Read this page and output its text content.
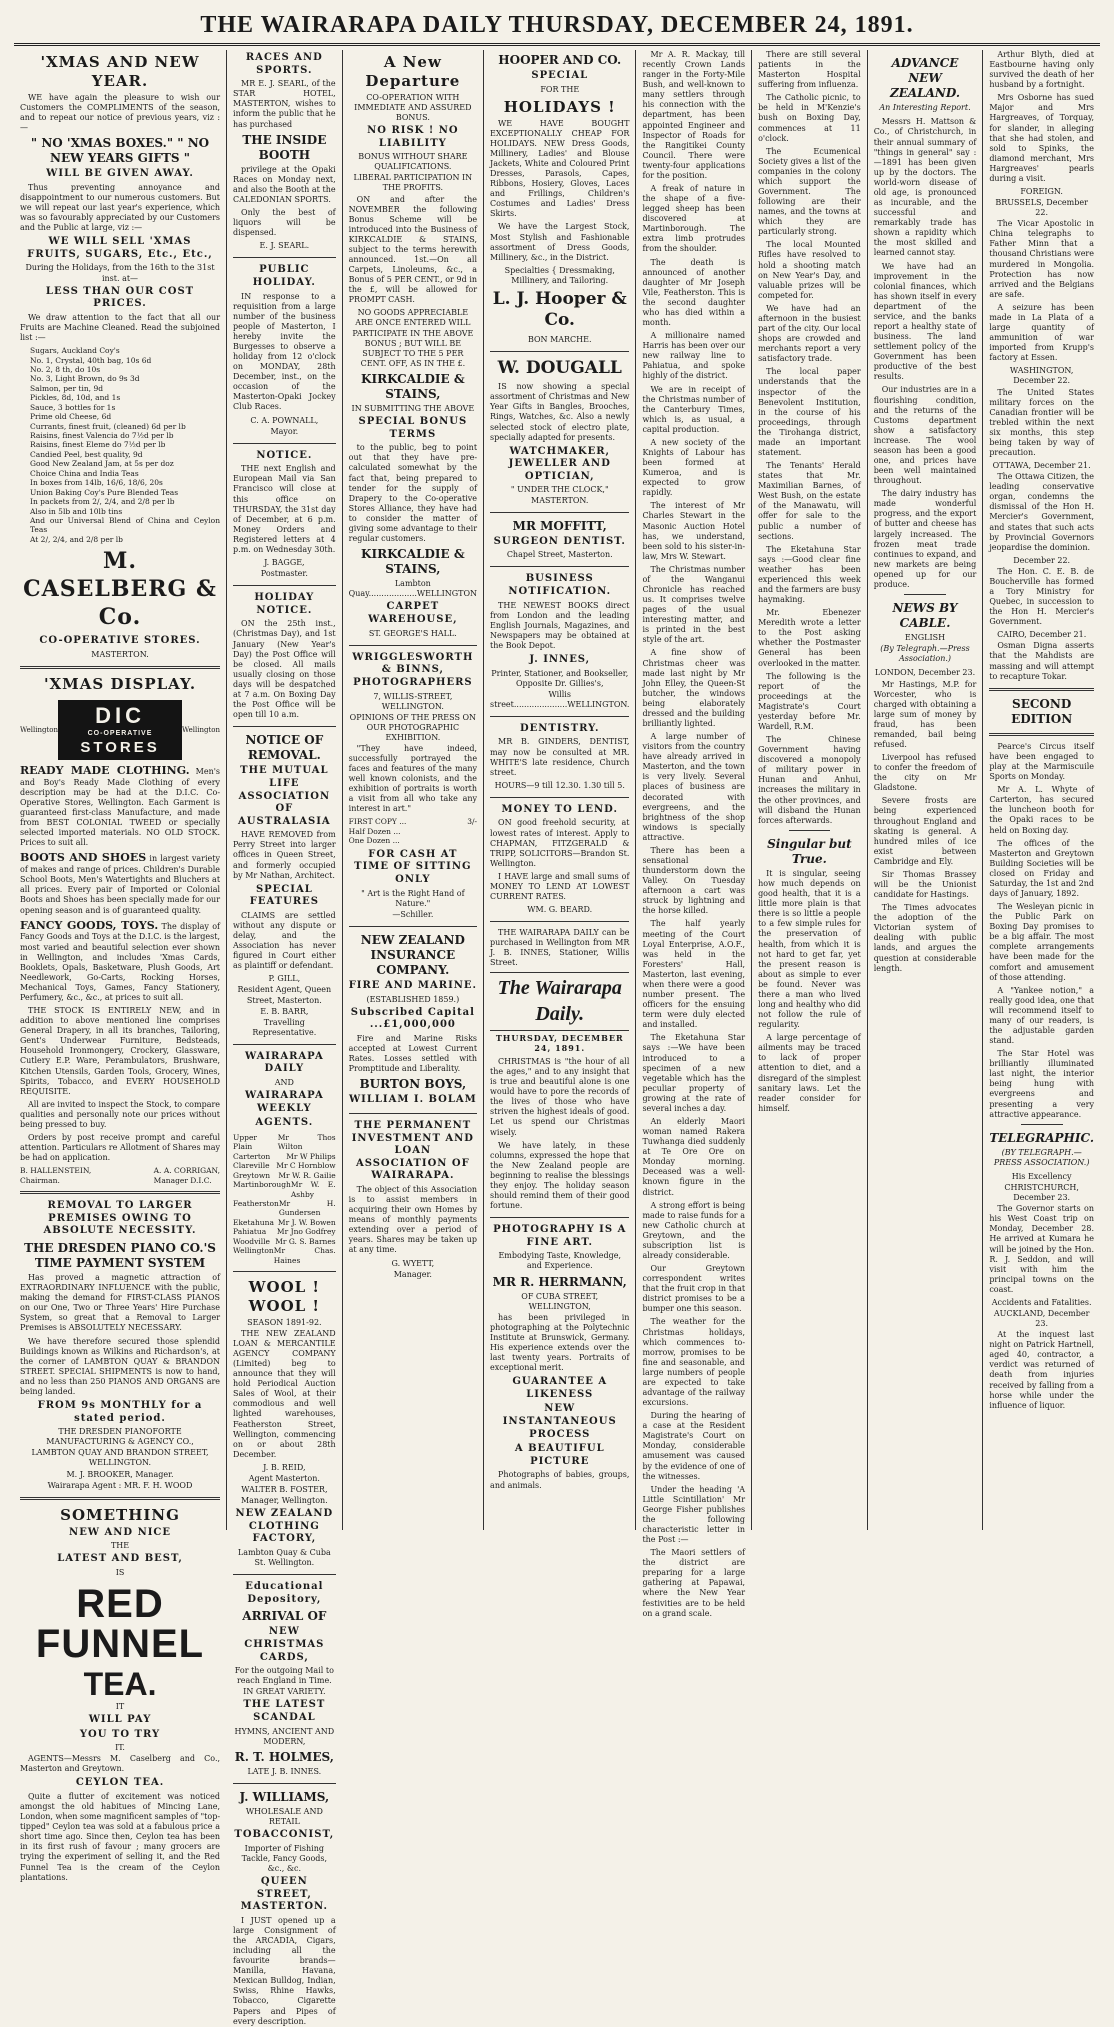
THE WAIRARAPA DAILY THURSDAY, DECEMBER 24, 1891.
'XMAS AND NEW YEAR.

WE have again the pleasure to wish our Customers the COMPLIMENTS of the season, and to repeat our notice of previous years, viz :—

" NO 'XMAS BOXES." " NO NEW YEARS GIFTS "
WILL BE GIVEN AWAY.

Thus preventing annoyance and disappointment to our numerous customers. But we will repeat our last year's experience, which was so favourably appreciated by our Customers and the Public at large, viz :—

WE WILL SELL 'XMAS FRUITS, SUGARS, Etc., Etc.,
During the Holidays, from the 16th to the 31st inst. at—
LESS THAN OUR COST PRICES.

We draw attention to the fact that all our Fruits are Machine Cleaned. Read the subjoined list :—

Sugars, Auckland Coy's
No. 1, Crystal, 40th bag, 10s 6d
No. 2, 8 th, do 10s
No. 3, Light Brown, do 9s 3d
Salmon, per tin, 9d
Pickles, 8d, 10d, and 1s
Sauce, 3 bottles for 1s
Prime old Cheese, 6d
Currants, finest fruit, (cleaned) 6d per lb
Raisins, finest Valencia do 7½d per lb
Raisins, finest Eleme do 7½d per lb
Candied Peel, best quality, 9d
Good New Zealand Jam, at 5s per doz
Choice China and India Teas
In boxes from 14lb, 16/6, 18/6, 20s
Union Baking Coy's Pure Blended Teas
In packets from 2/, 2/4, and 2/8 per lb
Also in 5lb and 10lb tins
And our Universal Blend of China and Ceylon Teas
At 2/, 2/4, and 2/8 per lb
M. CASELBERG & Co.
CO-OPERATIVE STORES.
MASTERTON.
'XMAS DISPLAY.
Wellington
DIC
CO-OPERATIVE
STORES
Wellington

READY MADE CLOTHING. Men's and Boy's Ready Made Clothing of every description may be had at the D.I.C. Co-Operative Stores, Wellington. Each Garment is guaranteed first-class Manufacture, and made from BEST COLONIAL TWEED or specially selected imported materials. NO OLD STOCK. Prices to suit all.

BOOTS AND SHOES in largest variety of makes and range of prices. Children's Durable School Boots, Men's Watertights and Bluchers at all prices. Every pair of Imported or Colonial Boots and Shoes has been specially made for our opening season and is of guaranteed quality.

FANCY GOODS, TOYS. The display of Fancy Goods and Toys at the D.I.C. is the largest, most varied and beautiful selection ever shown in Wellington, and includes 'Xmas Cards, Booklets, Opals, Basketware, Plush Goods, Art Needlework, Go-Carts, Rocking Horses, Mechanical Toys, Games, Fancy Stationery, Perfumery, &c., &c., at prices to suit all.

THE STOCK IS ENTIRELY NEW, and in addition to above mentioned line comprises General Drapery, in all its branches, Tailoring, Gent's Underwear Furniture, Bedsteads, Household Ironmongery, Crockery, Glassware, Cutlery E.P. Ware, Perambulators, Brushware, Kitchen Utensils, Garden Tools, Grocery, Wines, Spirits, Tobacco, and EVERY HOUSEHOLD REQUISITE.

All are invited to inspect the Stock, to compare qualities and personally note our prices without being pressed to buy.

Orders by post receive prompt and careful attention. Particulars re Allotment of Shares may be had on application.

B. HALLENSTEIN,
Chairman.
A. A. CORRIGAN,
Manager D.I.C.
REMOVAL TO LARGER PREMISES OWING TO ABSOLUTE NECESSITY.
THE DRESDEN PIANO CO.'S TIME PAYMENT SYSTEM

Has proved a magnetic attraction of EXTRAORDINARY INFLUENCE with the public, making the demand for FIRST-CLASS PIANOS on our One, Two or Three Years' Hire Purchase System, so great that a Removal to Larger Premises is ABSOLUTELY NECESSARY.

We have therefore secured those splendid Buildings known as Wilkins and Richardson's, at the corner of LAMBTON QUAY & BRANDON STREET. SPECIAL SHIPMENTS is now to hand, and no less than 250 PIANOS AND ORGANS are being landed.

FROM 9s MONTHLY for a stated period.
THE DRESDEN PIANOFORTE MANUFACTURING & AGENCY CO.,
LAMBTON QUAY AND BRANDON STREET, WELLINGTON.
M. J. BROOKER, Manager.
Wairarapa Agent : MR. F. H. WOOD
SOMETHING
NEW AND NICE
THE
LATEST AND BEST,
IS
RED FUNNEL
TEA.
IT
WILL PAY
YOU TO TRY
IT.

AGENTS—Messrs M. Caselberg and Co., Masterton and Greytown.

CEYLON TEA.

Quite a flutter of excitement was noticed amongst the old habitues of Mincing Lane, London, when some magnificent samples of "top-tipped" Ceylon tea was sold at a fabulous price a short time ago. Since then, Ceylon tea has been in its first rush of favour ; many grocers are trying the experiment of selling it, and the Red Funnel Tea is the cream of the Ceylon plantations.

RACES AND SPORTS.

MR E. J. SEARL, of the STAR HOTEL, MASTERTON, wishes to inform the public that he has purchased

THE INSIDE BOOTH

privilege at the Opaki Races on Monday next, and also the Booth at the CALEDONIAN SPORTS.

Only the best of liquors will be dispensed.

E. J. SEARL.
PUBLIC HOLIDAY.

IN response to a requisition from a large number of the business people of Masterton, I hereby invite the Burgesses to observe a holiday from 12 o'clock on MONDAY, 28th December, inst., on the occasion of the Masterton-Opaki Jockey Club Races.

C. A. POWNALL,
Mayor.
NOTICE.

THE next English and European Mail via San Francisco will close at this office on THURSDAY, the 31st day of December, at 6 p.m. Money Orders and Registered letters at 4 p.m. on Wednesday 30th.

J. BAGGE,
Postmaster.
HOLIDAY NOTICE.

ON the 25th inst., (Christmas Day), and 1st January (New Year's Day) the Post Office will be closed. All mails usually closing on those days will be despatched at 7 a.m. On Boxing Day the Post Office will be open till 10 a.m.

NOTICE OF REMOVAL.
THE MUTUAL LIFE ASSOCIATION OF AUSTRALASIA

HAVE REMOVED from Perry Street into larger offices in Queen Street, and formerly occupied by Mr Nathan, Architect.

SPECIAL FEATURES

CLAIMS are settled without any dispute or delay, and the Association has never figured in Court either as plaintiff or defendant.

P. GILL,
Resident Agent, Queen Street, Masterton.
E. B. BARR,
Travelling Representative.
WAIRARAPA DAILY
AND
WAIRARAPA WEEKLY
AGENTS.
Upper Plain
Mr Thos Wilton
Carterton Mr W Philips
Clareville Mr C Hornblow
Greytown Mr W. R. Gailie
Martinborough Mr W. E. Ashby
Featherston Mr H. Gundersen
Eketahuna Mr J. W. Bowen
Pahiatua Mr Jno Godfrey
Woodville Mr G. S. Barnes
Wellington Mr Chas. Haines
WOOL ! WOOL !
SEASON 1891-92.

THE NEW ZEALAND LOAN & MERCANTILE AGENCY COMPANY (Limited) beg to announce that they will hold Periodical Auction Sales of Wool, at their commodious and well lighted warehouses, Featherston Street, Wellington, commencing on or about 28th December.

J. B. REID,
Agent Masterton.
WALTER B. FOSTER,
Manager, Wellington.
NEW ZEALAND CLOTHING FACTORY,
Lambton Quay & Cuba St. Wellington.
Educational Depository,
ARRIVAL OF
NEW CHRISTMAS CARDS,
For the outgoing Mail to reach England in Time.
IN GREAT VARIETY.
THE LATEST SCANDAL
HYMNS, ANCIENT AND MODERN,
R. T. HOLMES,
LATE J. B. INNES.
J. WILLIAMS,
WHOLESALE AND RETAIL
TOBACCONIST,
Importer of Fishing Tackle, Fancy Goods, &c., &c.
QUEEN STREET, MASTERTON.

I JUST opened up a large Consignment of the ARCADIA, Cigars, including all the favourite brands—Manilla, Havana, Mexican Bulldog, Indian, Swiss, Rhine Hawks, Tobacco, Cigarette Papers and Pipes of every description.

A New Departure
CO-OPERATION WITH IMMEDIATE AND ASSURED BONUS.
NO RISK ! NO LIABILITY
BONUS WITHOUT SHARE QUALIFICATIONS.
LIBERAL PARTICIPATION IN THE PROFITS.

ON and after the NOVEMBER the following Bonus Scheme will be introduced into the Business of KIRKCALDIE & STAINS, subject to the terms herewith announced. 1st.—On all Carpets, Linoleums, &c., a Bonus of 5 PER CENT., or 9d in the £, will be allowed for PROMPT CASH.

NO GOODS APPRECIABLE ARE ONCE ENTERED WILL PARTICIPATE IN THE ABOVE BONUS ; BUT WILL BE SUBJECT TO THE 5 PER CENT. OFF, AS IN THE £.
KIRKCALDIE & STAINS,
IN SUBMITTING THE ABOVE
SPECIAL BONUS TERMS

to the public, beg to point out that they have pre-calculated somewhat by the fact that, being prepared to tender for the supply of Drapery to the Co-operative Stores Alliance, they have had to consider the matter of giving some advantage to their regular customers.

KIRKCALDIE & STAINS,
Lambton Quay...................WELLINGTON
CARPET WAREHOUSE,
ST. GEORGE'S HALL.
WRIGGLESWORTH & BINNS, PHOTOGRAPHERS
7, WILLIS-STREET, WELLINGTON.
OPINIONS OF THE PRESS ON OUR PHOTOGRAPHIC EXHIBITION.

"They have indeed, successfully portrayed the faces and features of the many well known colonists, and the exhibition of portraits is worth a visit from all who take any interest in art."

FIRST COPY ...	3/-
Half Dozen ...
One Dozen ...
FOR CASH AT TIME OF SITTING ONLY
" Art is the Right Hand of Nature."
—Schiller.
NEW ZEALAND INSURANCE COMPANY.
FIRE AND MARINE.
(ESTABLISHED 1859.)
Subscribed Capital ...£1,000,000

Fire and Marine Risks accepted at Lowest Current Rates. Losses settled with Promptitude and Liberality.

BURTON BOYS,
WILLIAM I. BOLAM
THE PERMANENT INVESTMENT AND LOAN ASSOCIATION OF WAIRARAPA.

The object of this Association is to assist members in acquiring their own Homes by means of monthly payments extending over a period of years. Shares may be taken up at any time.

G. WYETT,
Manager.
HOOPER AND CO.
SPECIAL
FOR THE
HOLIDAYS !

WE HAVE BOUGHT EXCEPTIONALLY CHEAP FOR HOLIDAYS. NEW Dress Goods, Millinery, Ladies' and Blouse Jackets, White and Coloured Print Dresses, Parasols, Capes, Ribbons, Hosiery, Gloves, Laces and Frillings, Children's Costumes and Ladies' Dress Skirts.

We have the Largest Stock, Most Stylish and Fashionable assortment of Dress Goods, Millinery, &c., in the District.

Specialties { Dressmaking, Millinery, and Tailoring.
L. J. Hooper & Co.
BON MARCHE.
W. DOUGALL

IS now showing a special assortment of Christmas and New Year Gifts in Bangles, Brooches, Rings, Watches, &c. Also a newly selected stock of electro plate, specially adapted for presents.

WATCHMAKER, JEWELLER AND OPTICIAN,
" UNDER THE CLOCK," MASTERTON.
MR MOFFITT,
SURGEON DENTIST.
Chapel Street, Masterton.
BUSINESS NOTIFICATION.

THE NEWEST BOOKS direct from London and the leading English Journals, Magazines, and Newspapers may be obtained at the Book Depot.

J. INNES,
Printer, Stationer, and Bookseller, Opposite Dr. Gillies's,
Willis street.....................WELLINGTON.
DENTISTRY.

MR B. GINDERS, DENTIST, may now be consulted at MR. WHITE'S late residence, Church street.

HOURS—9 till 12.30. 1.30 till 5.
MONEY TO LEND.

ON good freehold security, at lowest rates of interest. Apply to CHAPMAN, FITZGERALD & TRIPP, SOLICITORS—Brandon St. Wellington.

I HAVE large and small sums of MONEY TO LEND AT LOWEST CURRENT RATES.

WM. G. BEARD.

THE WAIRARAPA DAILY can be purchased in Wellington from MR J. B. INNES, Stationer, Willis Street.

The Wairarapa Daily.
THURSDAY, DECEMBER 24, 1891.

CHRISTMAS is "the hour of all the ages," and to any insight that is true and beautiful alone is one would have to pore the records of the lives of those who have striven the highest ideals of good. Let us spend our Christmas wisely.

We have lately, in these columns, expressed the hope that the New Zealand people are beginning to realise the blessings they enjoy. The holiday season should remind them of their good fortune.

PHOTOGRAPHY IS A FINE ART.
Embodying Taste, Knowledge, and Experience.
MR R. HERRMANN,
OF CUBA STREET, WELLINGTON,

has been privileged in photographing at the Polytechnic Institute at Brunswick, Germany. His experience extends over the last twenty years. Portraits of exceptional merit.

GUARANTEE A LIKENESS
NEW INSTANTANEOUS PROCESS
A BEAUTIFUL PICTURE

Photographs of babies, groups, and animals.

Mr A. R. Mackay, till recently Crown Lands ranger in the Forty-Mile Bush, and well-known to many settlers through his connection with the department, has been appointed Engineer and Inspector of Roads for the Rangitikei County Council. There were twenty-four applications for the position.

A freak of nature in the shape of a five-legged sheep has been discovered at Martinborough. The extra limb protrudes from the shoulder.

The death is announced of another daughter of Mr Joseph Vile, Featherston. This is the second daughter who has died within a month.

A millionaire named Harris has been over our new railway line to Pahiatua, and spoke highly of the district.

We are in receipt of the Christmas number of the Canterbury Times, which is, as usual, a capital production.

A new society of the Knights of Labour has been formed at Kumeroa, and is expected to grow rapidly.

The interest of Mr Charles Stewart in the Masonic Auction Hotel has, we understand, been sold to his sister-in-law, Mrs W. Stewart.

The Christmas number of the Wanganui Chronicle has reached us. It comprises twelve pages of the usual interesting matter, and is printed in the best style of the art.

A fine show of Christmas cheer was made last night by Mr John Elley, the Queen-St butcher, the windows being elaborately dressed and the building brilliantly lighted.

A large number of visitors from the country have already arrived in Masterton, and the town is very lively. Several places of business are decorated with evergreens, and the brightness of the shop windows is specially attractive.

There has been a sensational thunderstorm down the Valley. On Tuesday afternoon a cart was struck by lightning and the horse killed.

The half yearly meeting of the Court Loyal Enterprise, A.O.F., was held in the Foresters' Hall, Masterton, last evening, when there were a good number present. The officers for the ensuing term were duly elected and installed.

The Eketahuna Star says :—We have been introduced to a specimen of a new vegetable which has the peculiar property of growing at the rate of several inches a day.

An elderly Maori woman named Rakera Tuwhanga died suddenly at Te Ore Ore on Monday morning. Deceased was a well-known figure in the district.

A strong effort is being made to raise funds for a new Catholic church at Greytown, and the subscription list is already considerable.

Our Greytown correspondent writes that the fruit crop in that district promises to be a bumper one this season.

The weather for the Christmas holidays, which commences to-morrow, promises to be fine and seasonable, and large numbers of people are expected to take advantage of the railway excursions.

During the hearing of a case at the Resident Magistrate's Court on Monday, considerable amusement was caused by the evidence of one of the witnesses.

Under the heading 'A Little Scintillation' Mr George Fisher publishes the following characteristic letter in the Post :—

The Maori settlers of the district are preparing for a large gathering at Papawai, where the New Year festivities are to be held on a grand scale.

There are still several patients in the Masterton Hospital suffering from influenza.

The Catholic picnic, to be held in M'Kenzie's bush on Boxing Day, commences at 11 o'clock.

The Ecumenical Society gives a list of the companies in the colony which support the Government. The following are their names, and the towns at which they are particularly strong.

The local Mounted Rifles have resolved to hold a shooting match on New Year's Day, and valuable prizes will be competed for.

We have had an afternoon in the busiest part of the city. Our local shops are crowded and merchants report a very satisfactory trade.

The local paper understands that the inspector of the Benevolent Institution, in the course of his proceedings, through the Tirohanga district, made an important statement.

The Tenants' Herald states that Mr. Maximilian Barnes, of West Bush, on the estate of the Manawatu, will offer for sale to the public a number of sections.

The Eketahuna Star says :—Good clear fine weather has been experienced this week and the farmers are busy haymaking.

Mr. Ebenezer Meredith wrote a letter to the Post asking whether the Postmaster General has been overlooked in the matter.

The following is the report of the proceedings at the Magistrate's Court yesterday before Mr. Wardell, R.M.

The Chinese Government having discovered a monopoly of military power in Hunan and Anhui, increases the military in the other provinces, and will disband the Hunan forces afterwards.

Singular but True.

It is singular, seeing how much depends on good health, that it is a little more plain is that there is so little a people to a few simple rules for the preservation of health, from which it is not hard to get far, yet the present reason is about as simple to ever be found. Never was there a man who lived long and healthy who did not follow the rule of regularity.

A large percentage of ailments may be traced to lack of proper attention to diet, and a disregard of the simplest sanitary laws. Let the reader consider for himself.

ADVANCE NEW ZEALAND.
An Interesting Report.

Messrs H. Mattson & Co., of Christchurch, in their annual summary of "things in general" say :—1891 has been given up by the doctors. The world-worn disease of old age, is pronounced as incurable, and the successful and remarkably trade has shown a rapidity which the most skilled and learned cannot stay.

We have had an improvement in the colonial finances, which has shown itself in every department of the service, and the banks report a healthy state of business. The land settlement policy of the Government has been productive of the best results.

Our industries are in a flourishing condition, and the returns of the Customs department show a satisfactory increase. The wool season has been a good one, and prices have been well maintained throughout.

The dairy industry has made wonderful progress, and the export of butter and cheese has largely increased. The frozen meat trade continues to expand, and new markets are being opened up for our produce.

NEWS BY CABLE.
ENGLISH
(By Telegraph.—Press Association.)
LONDON, December 23.

Mr Hastings, M.P. for Worcester, who is charged with obtaining a large sum of money by fraud, has been remanded, bail being refused.

Liverpool has refused to confer the freedom of the city on Mr Gladstone.

Severe frosts are being experienced throughout England and skating is general. A hundred miles of ice exist between Cambridge and Ely.

Sir Thomas Brassey will be the Unionist candidate for Hastings.

The Times advocates the adoption of the Victorian system of dealing with public lands, and argues the question at considerable length.

Arthur Blyth, died at Eastbourne having only survived the death of her husband by a fortnight.

Mrs Osborne has sued Major and Mrs Hargreaves, of Torquay, for slander, in alleging that she had stolen, and sold to Spinks, the diamond merchant, Mrs Hargreaves' pearls during a visit.

FOREIGN.
BRUSSELS, December 22.

The Vicar Apostolic in China telegraphs to Father Minn that a thousand Christians were murdered in Mongolia. Protection has now arrived and the Belgians are safe.

A seizure has been made in La Plata of a large quantity of ammunition of war imported from Krupp's factory at Essen.

WASHINGTON, December 22.

The United States military forces on the Canadian frontier will be trebled within the next six months, this step being taken by way of precaution.

OTTAWA, December 21.

The Ottawa Citizen, the leading conservative organ, condemns the dismissal of the Hon H. Mercier's Government, and states that such acts by Provincial Governors jeopardise the dominion.

December 22.

The Hon. C. E. B. de Boucherville has formed a Tory Ministry for Quebec, in succession to the Hon H. Mercier's Government.

CAIRO, December 21.

Osman Digna asserts that the Mahdists are massing and will attempt to recapture Tokar.

SECOND EDITION

Pearce's Circus itself have been engaged to play at the Marmiscuile Sports on Monday.

Mr A. L. Whyte of Carterton, has secured the luncheon booth for the Opaki races to be held on Boxing day.

The offices of the Masterton and Greytown Building Societies will be closed on Friday and Saturday, the 1st and 2nd days of January, 1892.

The Wesleyan picnic in the Public Park on Boxing Day promises to be a big affair. The most complete arrangements have been made for the comfort and amusement of those attending.

A "Yankee notion," a really good idea, one that will recommend itself to many of our readers, is the adjustable garden stand.

The Star Hotel was brilliantly illuminated last night, the interior being hung with evergreens and presenting a very attractive appearance.

TELEGRAPHIC.
(BY TELEGRAPH.—PRESS ASSOCIATION.)
His Excellency
CHRISTCHURCH, December 23.

The Governor starts on his West Coast trip on Monday, December 28. He arrived at Kumara he will be joined by the Hon. R. J. Seddon, and will visit with him the principal towns on the coast.

Accidents and Fatalities.
AUCKLAND, December 23.

At the inquest last night on Patrick Hartnell, aged 40, contractor, a verdict was returned of death from injuries received by falling from a horse while under the influence of liquor.
